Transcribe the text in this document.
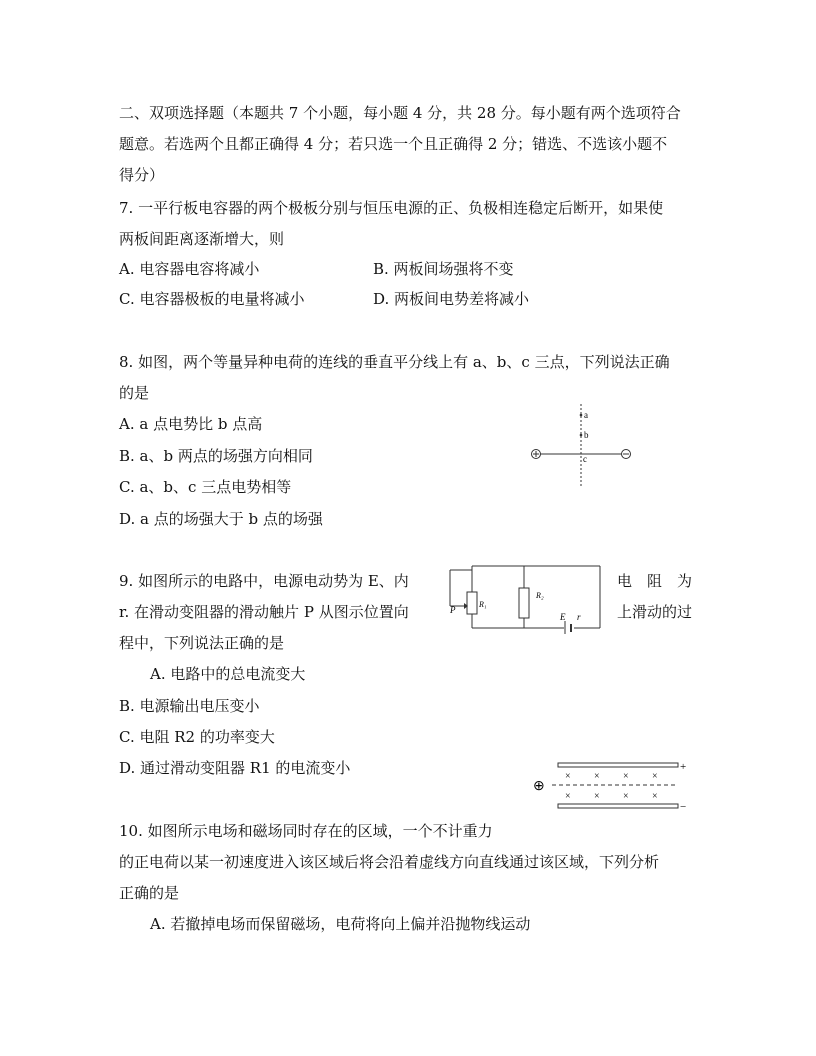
二、双项选择题（本题共 7 个小题，每小题 4 分，共 28 分。每小题有两个选项符合
题意。若选两个且都正确得 4 分；若只选一个且正确得 2 分；错选、不选该小题不
得分）
7. 一平行板电容器的两个极板分别与恒压电源的正、负极相连稳定后断开，如果使
两板间距离逐渐增大，则
A. 电容器电容将减小	B. 两板间场强将不变
C. 电容器极板的电量将减小	D. 两板间电势差将减小
8. 如图，两个等量异种电荷的连线的垂直平分线上有 a、b、c 三点，下列说法正确
的是
A. a 点电势比 b 点高
B. a、b 两点的场强方向相同
C. a、b、c 三点电势相等
D. a 点的场强大于 b 点的场强
a
b
c
9. 如图所示的电路中，电源电动势为 E、内	电　阻　为
r. 在滑动变阻器的滑动触片 P 从图示位置向	上滑动的过
程中，下列说法正确的是
A. 电路中的总电流变大
B. 电源输出电压变小
C. 电阻 R2 的功率变大
D. 通过滑动变阻器 R1 的电流变小
P
R₁
R₂
E r
⊕
+
−
× × × ×
× × × ×
10. 如图所示电场和磁场同时存在的区域，一个不计重力
的正电荷以某一初速度进入该区域后将会沿着虚线方向直线通过该区域，下列分析
正确的是
A. 若撤掉电场而保留磁场，电荷将向上偏并沿抛物线运动
